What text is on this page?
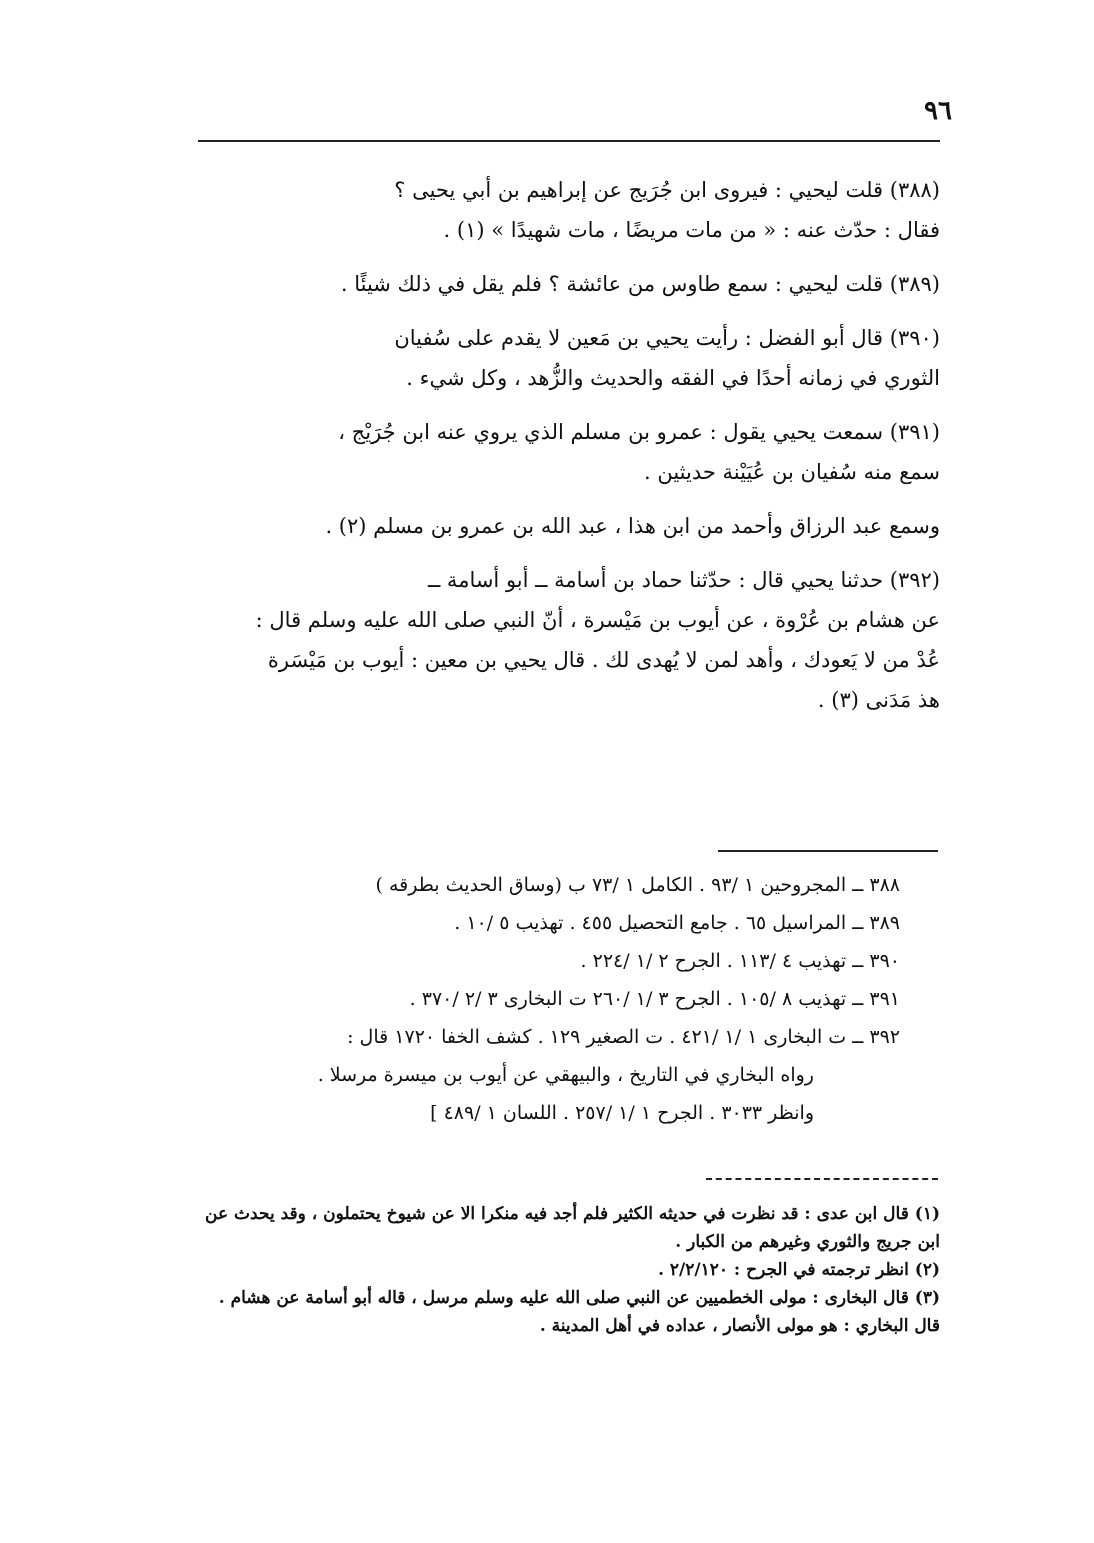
٩٦

(٣٨٨) قلت ليحيي : فيروى ابن جُرَيج عن إبراهيم بن أبي يحيى ؟
فقال : حدّث عنه : « من مات مريضًا ، مات شهيدًا » (١) .

(٣٨٩) قلت ليحيي : سمع طاوس من عائشة ؟ فلم يقل في ذلك شيئًا .

(٣٩٠) قال أبو الفضل : رأيت يحيي بن مَعين لا يقدم على سُفيان
الثوري في زمانه أحدًا في الفقه والحديث والزُّهد ، وكل شيء .

(٣٩١) سمعت يحيي يقول : عمرو بن مسلم الذي يروي عنه ابن جُرَيْج ،
سمع منه سُفيان بن عُيَيْنة حديثين .

وسمع عبد الرزاق وأحمد من ابن هذا ، عبد الله بن عمرو بن مسلم (٢) .

(٣٩٢) حدثنا يحيي قال : حدّثنا حماد بن أسامة ــ أبو أسامة ــ
عن هشام بن عُرْوة ، عن أيوب بن مَيْسرة ، أنّ النبي صلى الله عليه وسلم قال :
عُدْ من لا يَعودك ، وأهد لمن لا يُهدى لك . قال يحيي بن معين : أيوب بن مَيْسَرة
هذ مَدَنى (٣) .

٣٨٨ ــ المجروحين ١ /٩٣ . الكامل ١ /٧٣ ب (وساق الحديث بطرقه )

٣٨٩ ــ المراسيل ٦٥ . جامع التحصيل ٤٥٥ . تهذيب ٥ /١٠ .

٣٩٠ ــ تهذيب ٤ /١١٣ . الجرح ٢ /١ /٢٢٤ .

٣٩١ ــ تهذيب ٨ /١٠٥ . الجرح ٣ /١ /٢٦٠ ت البخارى ٣ /٢ /٣٧٠ .

٣٩٢ ــ ت البخارى ١ /١ /٤٢١ . ت الصغير ١٢٩ . كشف الخفا ١٧٢٠ قال :

رواه البخاري في التاريخ ، والبيهقي عن أيوب بن ميسرة مرسلا .

وانظر ٣٠٣٣ . الجرح ١ /١ /٢٥٧ . اللسان ١ /٤٨٩ ]

(١) قال ابن عدى : قد نظرت في حديثه الكثير فلم أجد فيه منكرا الا عن شيوخ يحتملون ، وقد يحدث عن ابن جريج والثوري وغيرهم من الكبار .

(٢) انظر ترجمته في الجرح : ٢/٢/١٢٠ .

(٣) قال البخارى : مولى الخطميين عن النبي صلى الله عليه وسلم مرسل ، قاله أبو أسامة عن هشام . قال البخاري : هو مولى الأنصار ، عداده في أهل المدينة .
